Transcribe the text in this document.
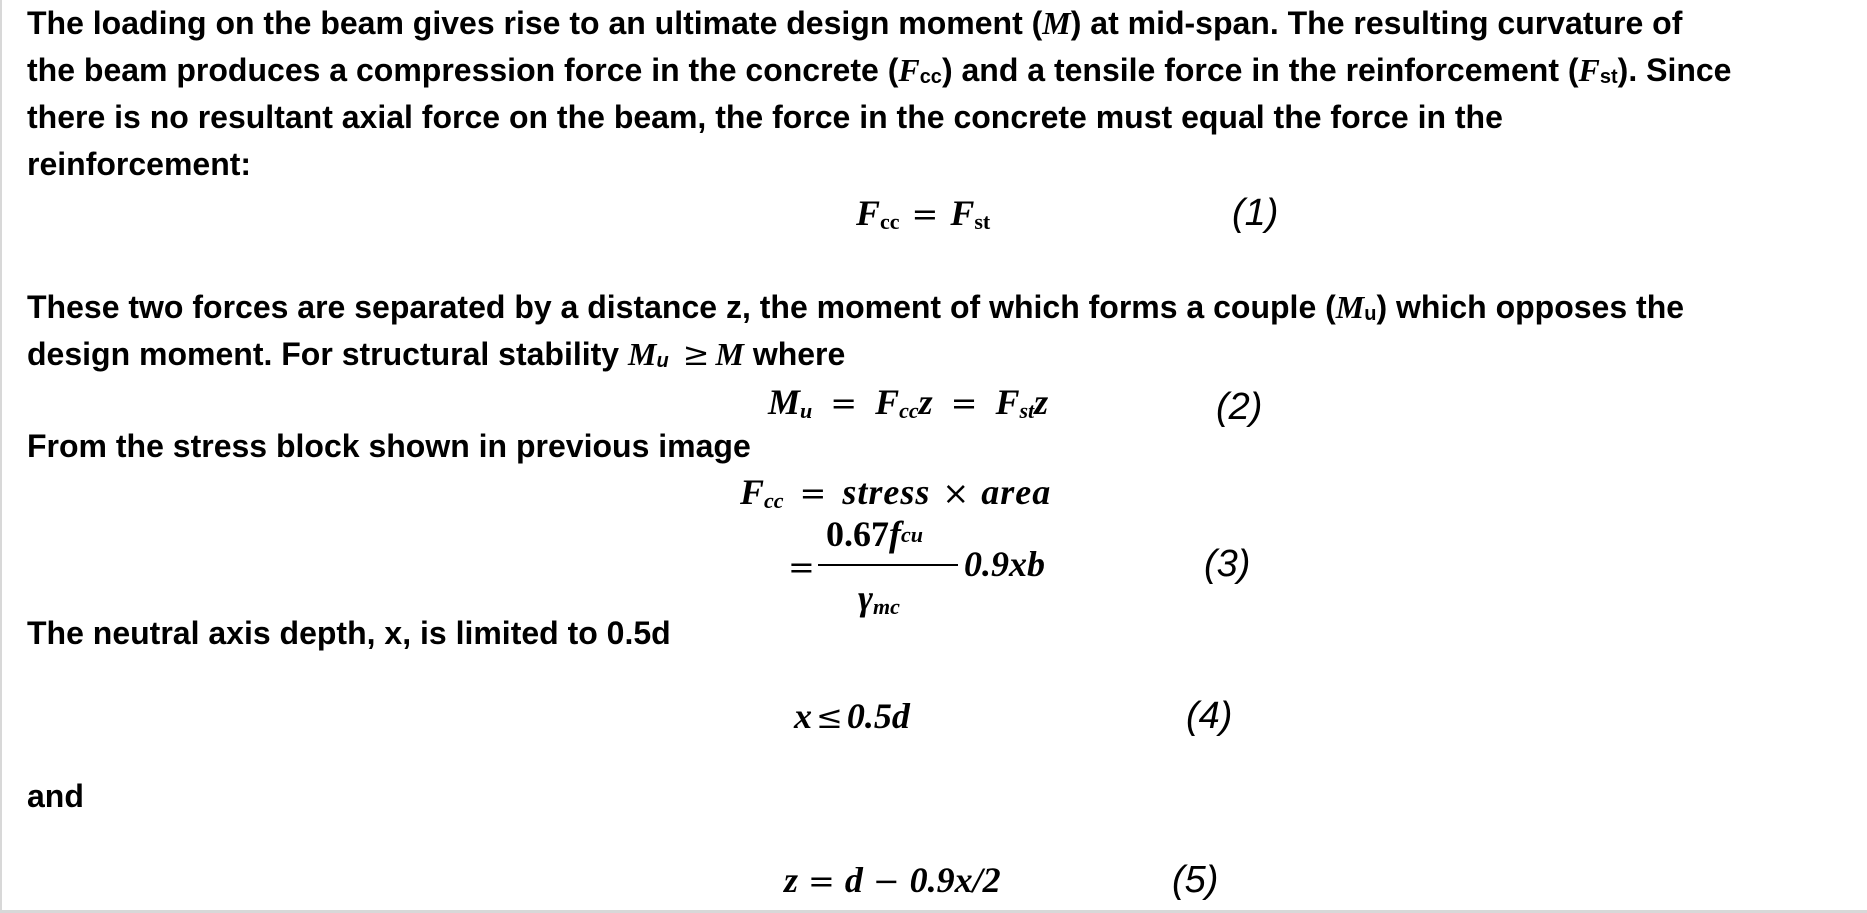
The loading on the beam gives rise to an ultimate design moment (M) at mid-span. The resulting curvature of
the beam produces a compression force in the concrete (Fcc) and a tensile force in the reinforcement (Fst). Since
there is no resultant axial force on the beam, the force in the concrete must equal the force in the
reinforcement:
Fcc = Fst	(1)
These two forces are separated by a distance z, the moment of which forms a couple (Mu) which opposes the
design moment. For structural stability Mu ≥ M where
Mu = Fccz = Fstz	(2)
From the stress block shown in previous image
Fcc = stress × area
=
0.67fcu
γmc
0.9xb	(3)
The neutral axis depth, x, is limited to 0.5d
x ≤ 0.5d	(4)
and
z = d − 0.9x/2	(5)
